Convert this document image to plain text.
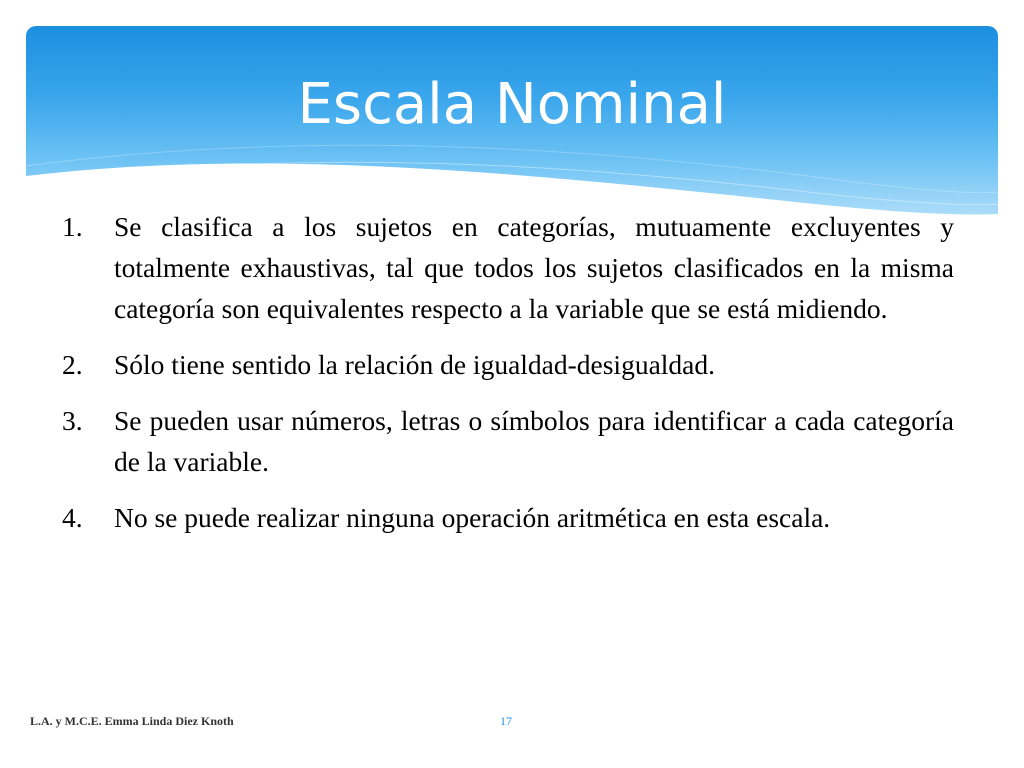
Escala Nominal
1.	Se clasifica a los sujetos en categorías, mutuamente excluyentes y totalmente exhaustivas, tal que todos los sujetos clasificados en la misma categoría son equivalentes respecto a la variable que se está midiendo.
2.	Sólo tiene sentido la relación de igualdad-desigualdad.
3.	Se pueden usar números, letras o símbolos para identificar a cada categoría de la variable.
4.	No se puede realizar ninguna operación aritmética en esta escala.
L.A. y M.C.E. Emma Linda Diez Knoth	17
